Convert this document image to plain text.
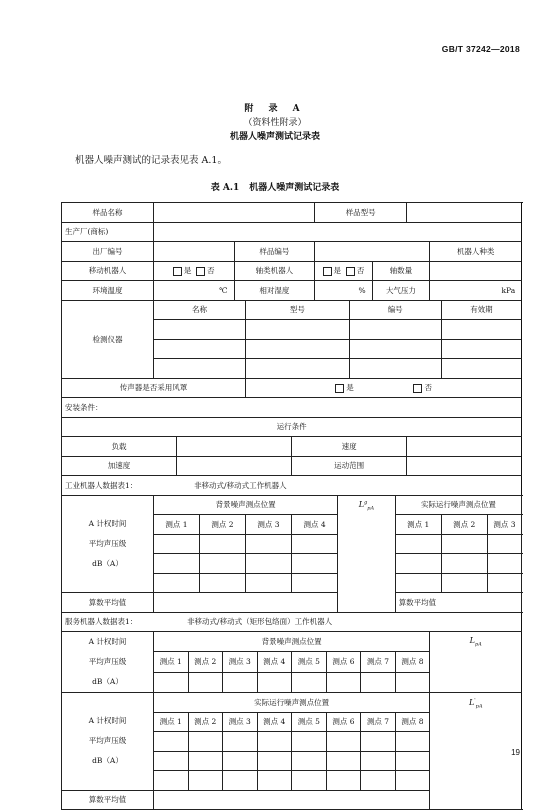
GB/T 37242—2018
附 录 A
（资料性附录）
机器人噪声测试记录表
机器人噪声测试的记录表见表 A.1。
表 A.1 机器人噪声测试记录表
样品名称										样品型号											
生产厂(商标)																					
出厂编号						样品编号												机器人种类			
移动机器人	是 否					轴类机器人				是 否					轴数量						
环境温度	℃					相对湿度				%					大气压力			kPa			
检测仪器	名称						型号						编号						有效期		

传声器是否采用风罩							是 否														
安装条件：																					
运行条件																					
负载									速度												
加速度									运动范围												
工业机器人数据表1： 非移动式/移动式工作机器人																					

A 计权时间
平均声压级
dB（A）	背景噪声测点位置											$L^g_{pA}$				实际运行噪声测点位置	
	测点 1			测点 2			测点 3		测点 4							测点 1			测点 2	测点 3	

算数平均值																算数平均值					
服务机器人数据表1： 非移动式/移动式（矩形包络面）工作机器人																					

A 计权时间
平均声压级
dB（A）	背景噪声测点位置																	$L_{pA}$
	测点 1		测点 2		测点 3			测点 4	测点 5		测点 6			测点 7		测点 8					

A 计权时间
平均声压级
dB（A）	实际运行噪声测点位置																	$L'_{pA}$
	测点 1		测点 2		测点 3			测点 4	测点 5		测点 6			测点 7		测点 8					

算数平均值																					
19
